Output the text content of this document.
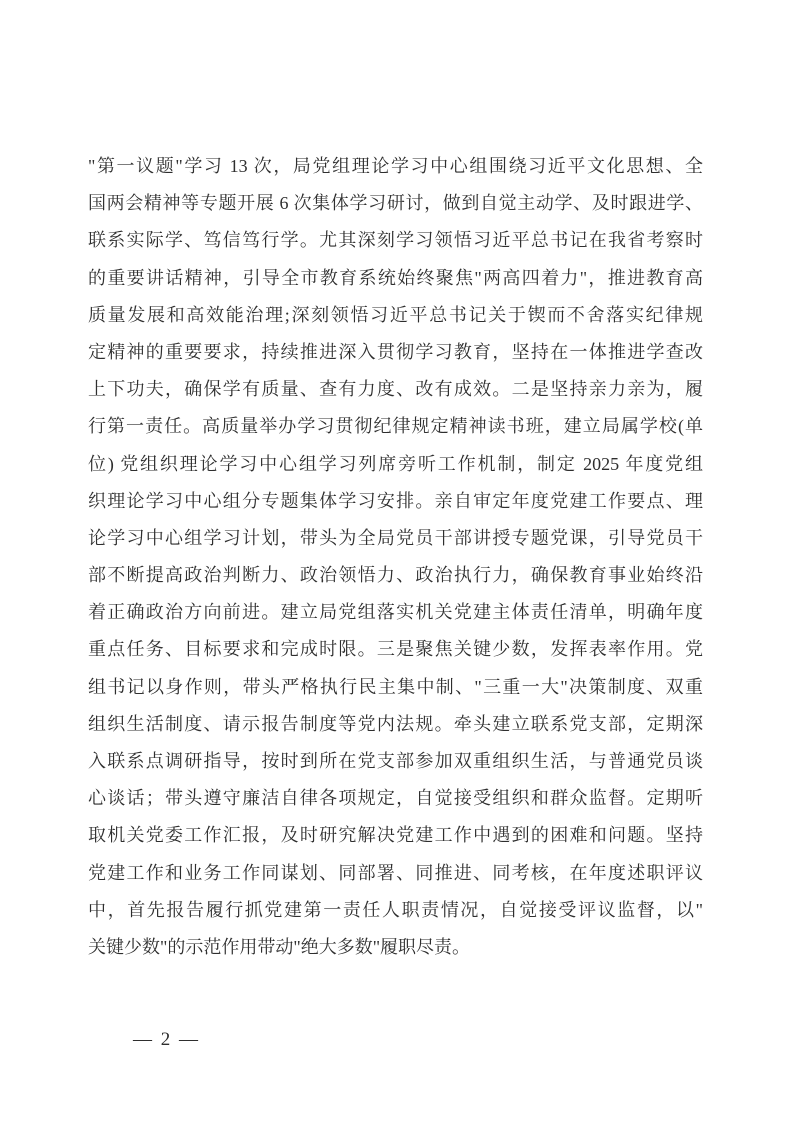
"第一议题"学习 13 次，局党组理论学习中心组围绕习近平文化思想、全
国两会精神等专题开展 6 次集体学习研讨，做到自觉主动学、及时跟进学、
联系实际学、笃信笃行学。尤其深刻学习领悟习近平总书记在我省考察时
的重要讲话精神，引导全市教育系统始终聚焦"两高四着力"，推进教育高
质量发展和高效能治理;深刻领悟习近平总书记关于锲而不舍落实纪律规
定精神的重要要求，持续推进深入贯彻学习教育，坚持在一体推进学查改
上下功夫，确保学有质量、查有力度、改有成效。二是坚持亲力亲为，履
行第一责任。高质量举办学习贯彻纪律规定精神读书班，建立局属学校(单
位) 党组织理论学习中心组学习列席旁听工作机制，制定 2025 年度党组
织理论学习中心组分专题集体学习安排。亲自审定年度党建工作要点、理
论学习中心组学习计划，带头为全局党员干部讲授专题党课，引导党员干
部不断提高政治判断力、政治领悟力、政治执行力，确保教育事业始终沿
着正确政治方向前进。建立局党组落实机关党建主体责任清单，明确年度
重点任务、目标要求和完成时限。三是聚焦关键少数，发挥表率作用。党
组书记以身作则，带头严格执行民主集中制、"三重一大"决策制度、双重
组织生活制度、请示报告制度等党内法规。牵头建立联系党支部，定期深
入联系点调研指导，按时到所在党支部参加双重组织生活，与普通党员谈
心谈话；带头遵守廉洁自律各项规定，自觉接受组织和群众监督。定期听
取机关党委工作汇报，及时研究解决党建工作中遇到的困难和问题。坚持
党建工作和业务工作同谋划、同部署、同推进、同考核，在年度述职评议
中，首先报告履行抓党建第一责任人职责情况，自觉接受评议监督，以"
关键少数"的示范作用带动"绝大多数"履职尽责。
— 2 —
